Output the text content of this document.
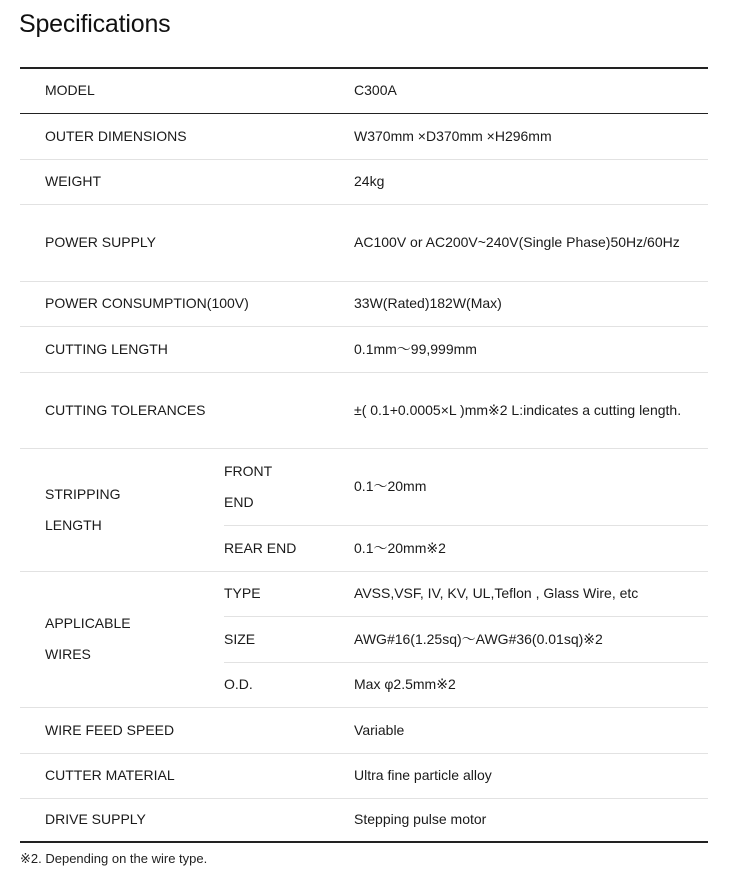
Specifications
MODEL		C300A
OUTER DIMENSIONS		W370mm ×D370mm ×H296mm
WEIGHT		24kg
POWER SUPPLY		AC100V or AC200V~240V(Single Phase)50Hz/60Hz
POWER CONSUMPTION(100V)		33W(Rated)182W(Max)
CUTTING LENGTH		0.1mm～99,999mm
CUTTING TOLERANCES		±( 0.1+0.0005×L )mm※2 L:indicates a cutting length.
STRIPPING LENGTH	FRONT END	0.1～20mm
	REAR END	0.1～20mm※2
APPLICABLE WIRES	TYPE	AVSS,VSF, IV, KV, UL,Teflon , Glass Wire, etc
	SIZE	AWG#16(1.25sq)～AWG#36(0.01sq)※2
	O.D.	Max φ2.5mm※2
WIRE FEED SPEED		Variable
CUTTER MATERIAL		Ultra fine particle alloy
DRIVE SUPPLY		Stepping pulse motor
※2. Depending on the wire type.
